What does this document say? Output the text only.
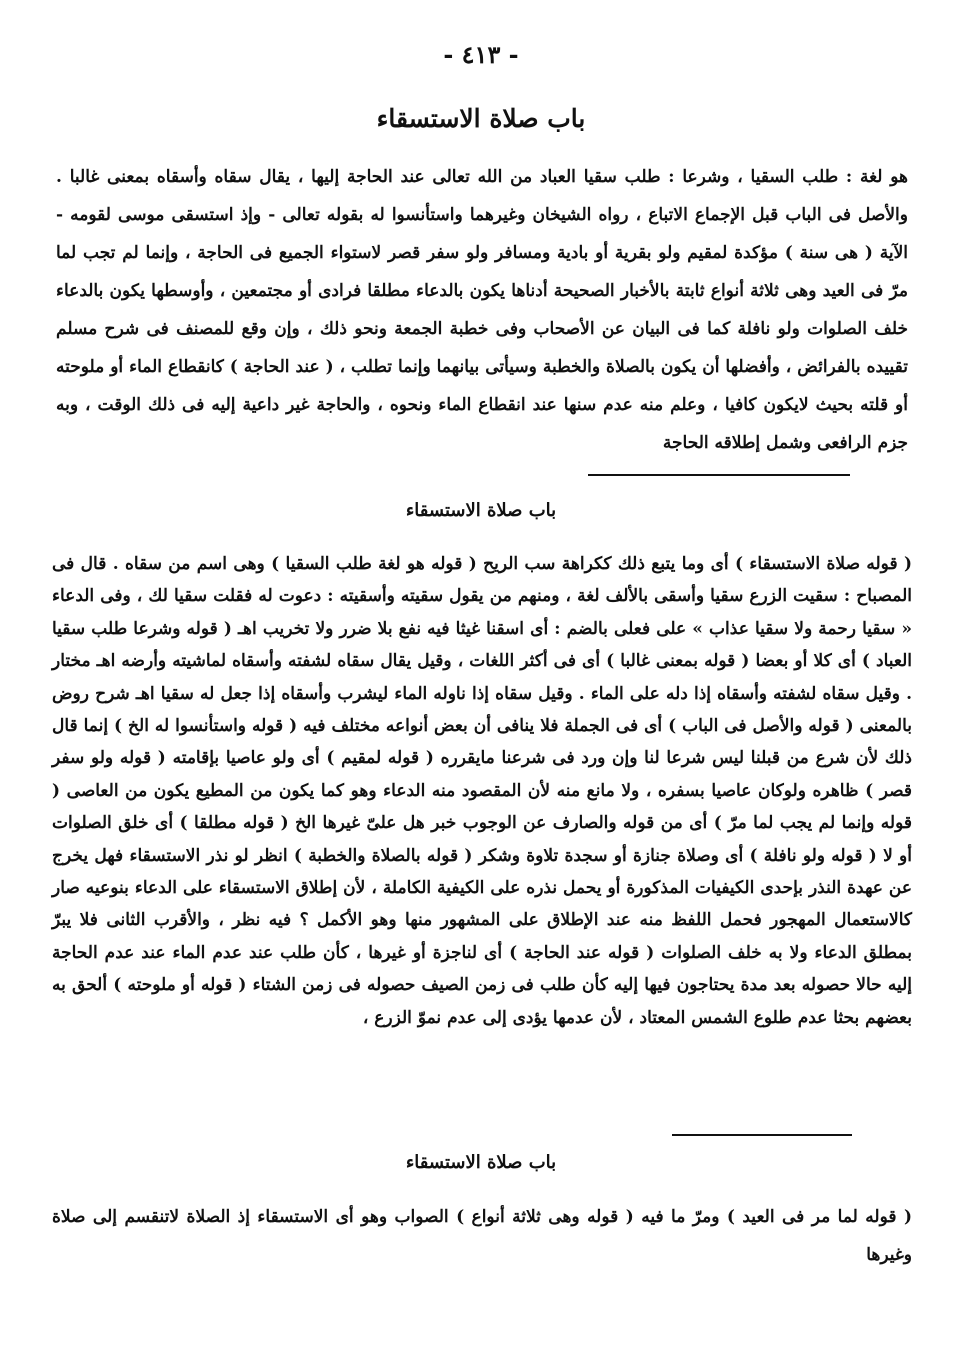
- ٤١٣ -
باب صلاة الاستسقاء

هو لغة : طلب السقيا ، وشرعا : طلب سقيا العباد من الله تعالى عند الحاجة إليها ، يقال سقاه وأسقاه بمعنى غالبا . والأصل فى الباب قبل الإجماع الاتباع ، رواه الشيخان وغيرهما واستأنسوا له بقوله تعالى - وإذ استسقى موسى لقومه - الآية ( هى سنة ) مؤكدة لمقيم ولو بقرية أو بادية ومسافر ولو سفر قصر لاستواء الجميع فى الحاجة ، وإنما لم تجب لما مرّ فى العيد وهى ثلاثة أنواع ثابتة بالأخبار الصحيحة أدناها يكون بالدعاء مطلقا فرادى أو مجتمعين ، وأوسطها يكون بالدعاء خلف الصلوات ولو نافلة كما فى البيان عن الأصحاب وفى خطبة الجمعة ونحو ذلك ، وإن وقع للمصنف فى شرح مسلم تقييده بالفرائض ، وأفضلها أن يكون بالصلاة والخطبة وسيأتى بيانهما وإنما تطلب ، ( عند الحاجة ) كانقطاع الماء أو ملوحته أو قلته بحيث لايكون كافيا ، وعلم منه عدم سنها عند انقطاع الماء ونحوه ، والحاجة غير داعية إليه فى ذلك الوقت ، وبه جزم الرافعى وشمل إطلاقه الحاجة

باب صلاة الاستسقاء

( قوله صلاة الاستسقاء ) أى وما يتبع ذلك ككراهة سب الريح ( قوله هو لغة طلب السقيا ) وهى اسم من سقاه . قال فى المصباح : سقيت الزرع سقيا وأسقى بالألف لغة ، ومنهم من يقول سقيته وأسقيته : دعوت له فقلت سقيا لك ، وفى الدعاء « سقيا رحمة ولا سقيا عذاب » على فعلى بالضم : أى اسقنا غيثا فيه نفع بلا ضرر ولا تخريب اهـ ( قوله وشرعا طلب سقيا العباد ) أى كلا أو بعضا ( قوله بمعنى غالبا ) أى فى أكثر اللغات ، وقيل يقال سقاه لشفته وأسقاه لماشيته وأرضه اهـ مختار . وقيل سقاه لشفته وأسقاه إذا دله على الماء . وقيل سقاه إذا ناوله الماء ليشرب وأسقاه إذا جعل له سقيا اهـ شرح روض بالمعنى ( قوله والأصل فى الباب ) أى فى الجملة فلا ينافى أن بعض أنواعه مختلف فيه ( قوله واستأنسوا له الخ ) إنما قال ذلك لأن شرع من قبلنا ليس شرعا لنا وإن ورد فى شرعنا مايقرره ( قوله لمقيم ) أى ولو عاصيا بإقامته ( قوله ولو سفر قصر ) ظاهره ولوكان عاصيا بسفره ، ولا مانع منه لأن المقصود منه الدعاء وهو كما يكون من المطيع يكون من العاصى ( قوله وإنما لم يجب لما مرّ ) أى من قوله والصارف عن الوجوب خبر هل علىّ غيرها الخ ( قوله مطلقا ) أى خلق الصلوات أو لا ( قوله ولو نافلة ) أى وصلاة جنازة أو سجدة تلاوة وشكر ( قوله بالصلاة والخطبة ) انظر لو نذر الاستسقاء فهل يخرج عن عهدة النذر بإحدى الكيفيات المذكورة أو يحمل نذره على الكيفية الكاملة ، لأن إطلاق الاستسقاء على الدعاء بنوعيه صار كالاستعمال المهجور فحمل اللفظ منه عند الإطلاق على المشهور منها وهو الأكمل ؟ فيه نظر ، والأقرب الثانى فلا يبرّ بمطلق الدعاء ولا به خلف الصلوات ( قوله عند الحاجة ) أى لناجزة أو غيرها ، كأن طلب عند عدم الماء عند عدم الحاجة إليه حالا حصوله بعد مدة يحتاجون فيها إليه كأن طلب فى زمن الصيف حصوله فى زمن الشتاء ( قوله أو ملوحته ) ألحق به بعضهم بحثا عدم طلوع الشمس المعتاد ، لأن عدمها يؤدى إلى عدم نموّ الزرع ،

باب صلاة الاستسقاء

( قوله لما مر فى العيد ) ومرّ ما فيه ( قوله وهى ثلاثة أنواع ) الصواب وهو أى الاستسقاء إذ الصلاة لاتنقسم إلى صلاة وغيرها
